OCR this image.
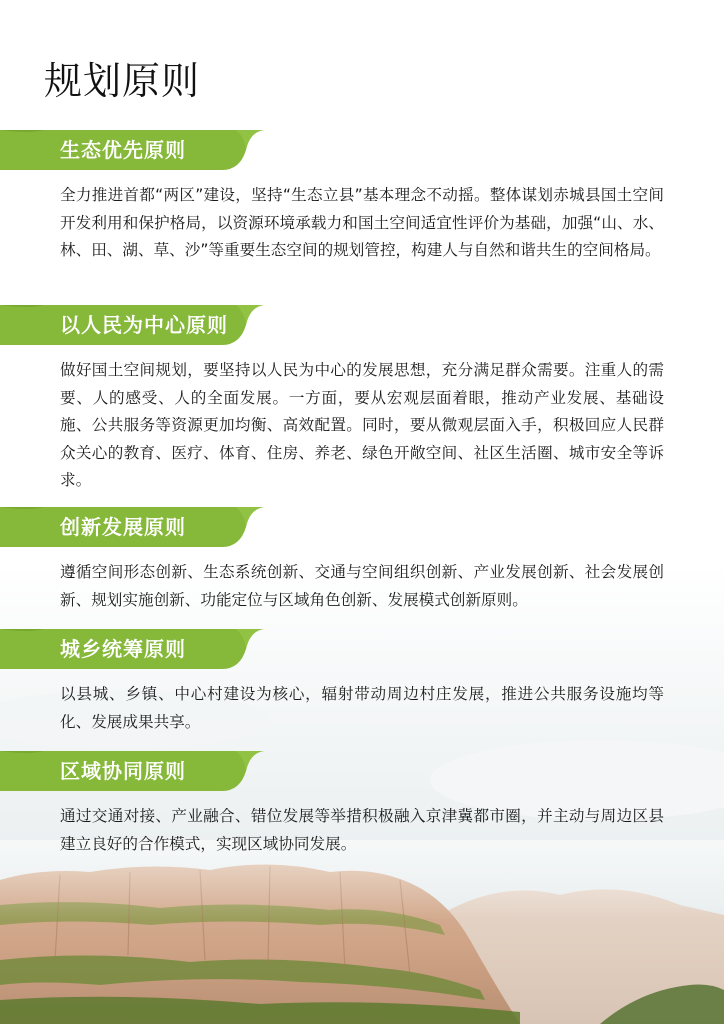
规划原则
生态优先原则

全力推进首都“两区”建设，坚持“生态立县”基本理念不动摇。整体谋划赤城县国土空间开发利用和保护格局，以资源环境承载力和国土空间适宜性评价为基础，加强“山、水、林、田、湖、草、沙”等重要生态空间的规划管控，构建人与自然和谐共生的空间格局。

以人民为中心原则

做好国土空间规划，要坚持以人民为中心的发展思想，充分满足群众需要。注重人的需要、人的感受、人的全面发展。一方面，要从宏观层面着眼，推动产业发展、基础设施、公共服务等资源更加均衡、高效配置。同时，要从微观层面入手，积极回应人民群众关心的教育、医疗、体育、住房、养老、绿色开敞空间、社区生活圈、城市安全等诉求。

创新发展原则

遵循空间形态创新、生态系统创新、交通与空间组织创新、产业发展创新、社会发展创新、规划实施创新、功能定位与区域角色创新、发展模式创新原则。

城乡统筹原则

以县城、乡镇、中心村建设为核心，辐射带动周边村庄发展，推进公共服务设施均等化、发展成果共享。

区域协同原则

通过交通对接、产业融合、错位发展等举措积极融入京津冀都市圈，并主动与周边区县建立良好的合作模式，实现区域协同发展。
